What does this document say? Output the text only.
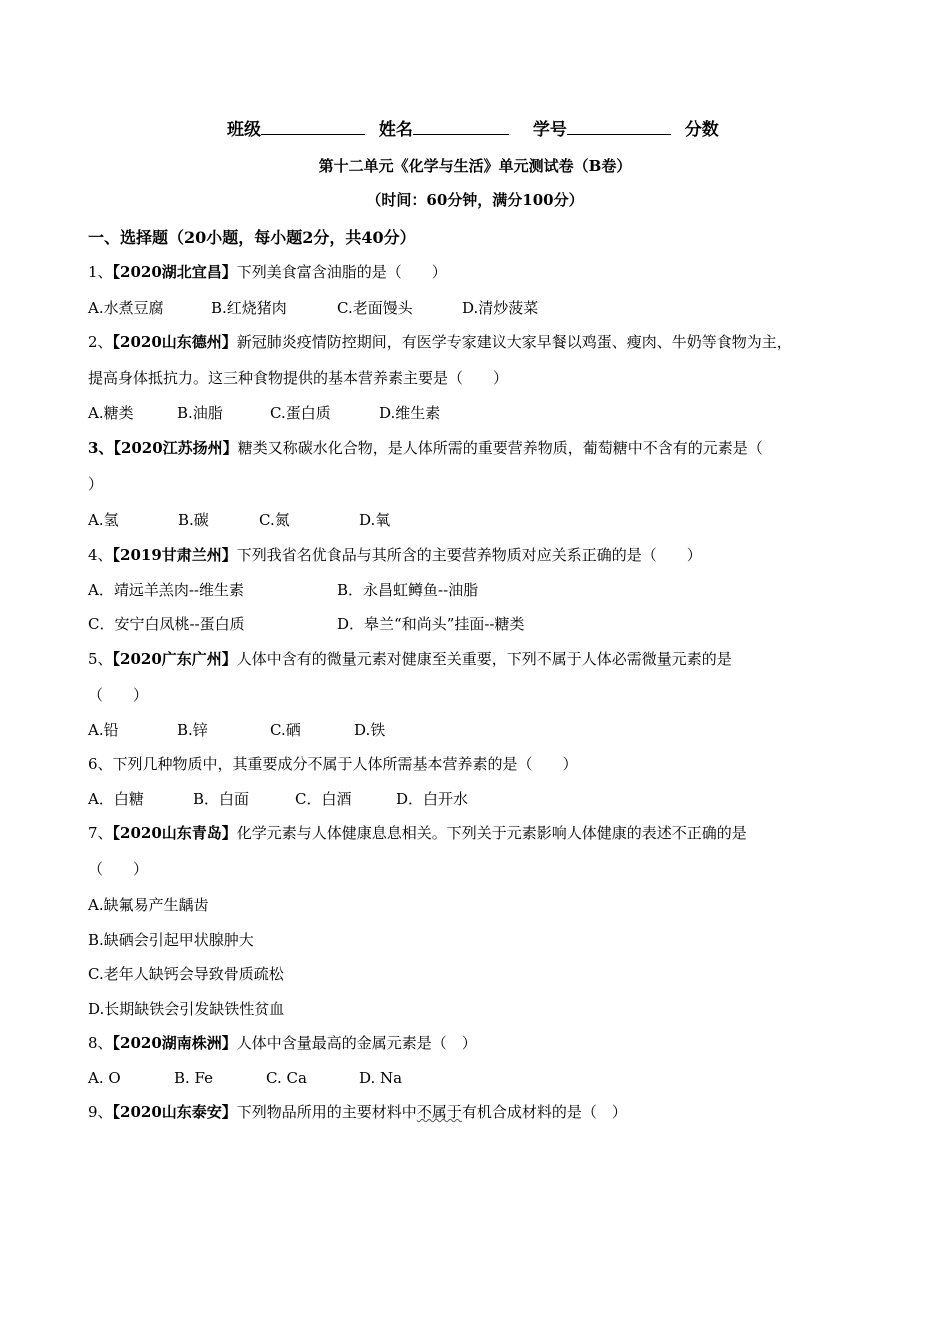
班级	姓名	学号	分数
第十二单元《化学与生活》单元测试卷（B卷）
（时间：60分钟，满分100分）
一、选择题（20小题，每小题2分，共40分）
1、【2020湖北宜昌】下列美食富含油脂的是（　　）
A.水煮豆腐	B.红烧猪肉	C.老面馒头	D.清炒菠菜
2、【2020山东德州】新冠肺炎疫情防控期间，有医学专家建议大家早餐以鸡蛋、瘦肉、牛奶等食物为主，
提高身体抵抗力。这三种食物提供的基本营养素主要是（　　）
A.糖类	B.油脂	C.蛋白质	D.维生素
3、【2020江苏扬州】糖类又称碳水化合物，是人体所需的重要营养物质，葡萄糖中不含有的元素是（
）
A.氢	B.碳	C.氮	D.氧
4、【2019甘肃兰州】下列我省名优食品与其所含的主要营养物质对应关系正确的是（　　）
A．靖远羊羔肉--维生素	B．永昌虹鳟鱼--油脂
C．安宁白凤桃--蛋白质	D．皋兰“和尚头”挂面--糖类
5、【2020广东广州】人体中含有的微量元素对健康至关重要，下列不属于人体必需微量元素的是
（　　）
A.铅	B.锌	C.硒	D.铁
6、下列几种物质中，其重要成分不属于人体所需基本营养素的是（　　）
A．白糖	B．白面	C．白酒	D．白开水
7、【2020山东青岛】化学元素与人体健康息息相关。下列关于元素影响人体健康的表述不正确的是
（　　）
A.缺氟易产生龋齿
B.缺硒会引起甲状腺肿大
C.老年人缺钙会导致骨质疏松
D.长期缺铁会引发缺铁性贫血
8、【2020湖南株洲】人体中含量最高的金属元素是（　）
A. O	B. Fe	C. Ca	D. Na
9、【2020山东泰安】下列物品所用的主要材料中不属于有机合成材料的是（　）
